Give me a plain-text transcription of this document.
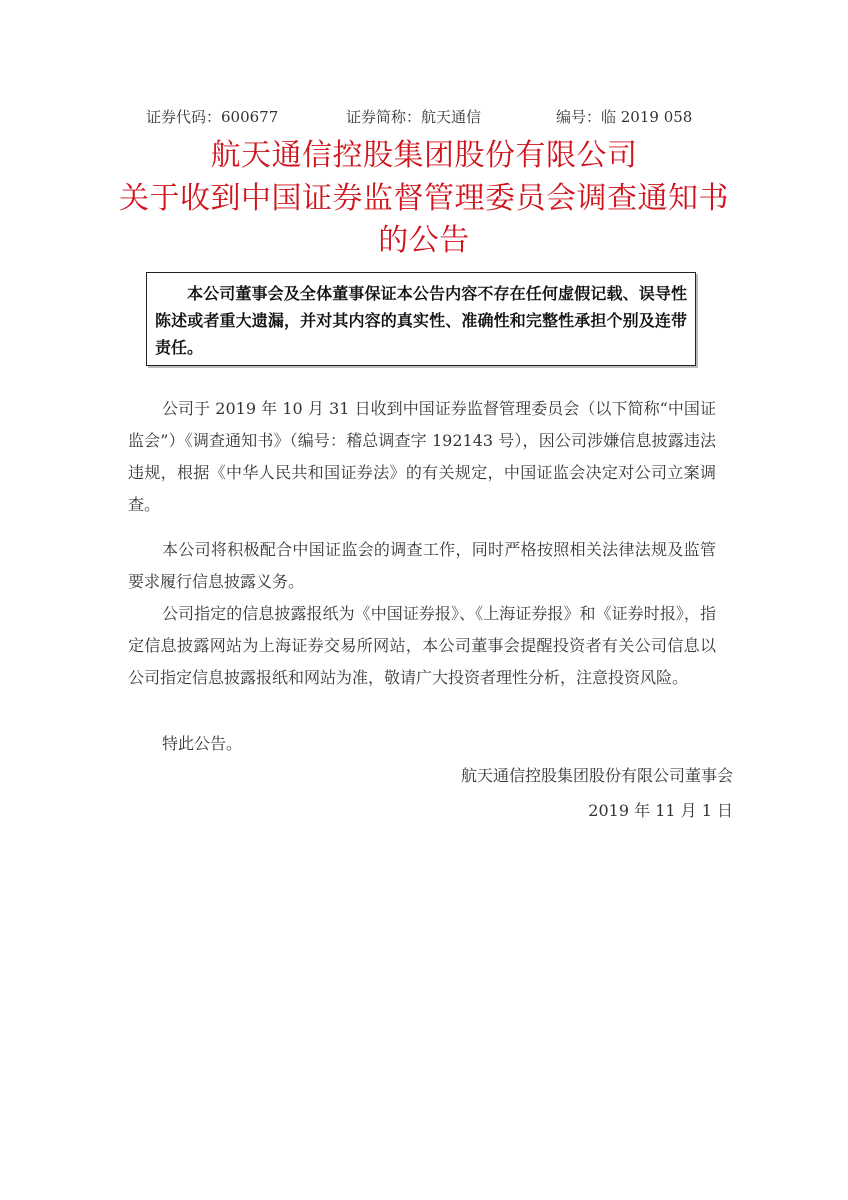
证券代码：600677	证券简称：航天通信	编号：临 2019 058
航天通信控股集团股份有限公司
关于收到中国证券监督管理委员会调查通知书
的公告
本公司董事会及全体董事保证本公告内容不存在任何虚假记载、误导性陈述或者重大遗漏，并对其内容的真实性、准确性和完整性承担个别及连带责任。
公司于 2019 年 10 月 31 日收到中国证券监督管理委员会（以下简称“中国证监会”）《调查通知书》（编号：稽总调查字 192143 号），因公司涉嫌信息披露违法违规，根据《中华人民共和国证券法》的有关规定，中国证监会决定对公司立案调查。
本公司将积极配合中国证监会的调查工作，同时严格按照相关法律法规及监管要求履行信息披露义务。
公司指定的信息披露报纸为《中国证券报》、《上海证券报》和《证券时报》，指定信息披露网站为上海证券交易所网站，本公司董事会提醒投资者有关公司信息以公司指定信息披露报纸和网站为准，敬请广大投资者理性分析，注意投资风险。
特此公告。
航天通信控股集团股份有限公司董事会
2019 年 11 月 1 日
